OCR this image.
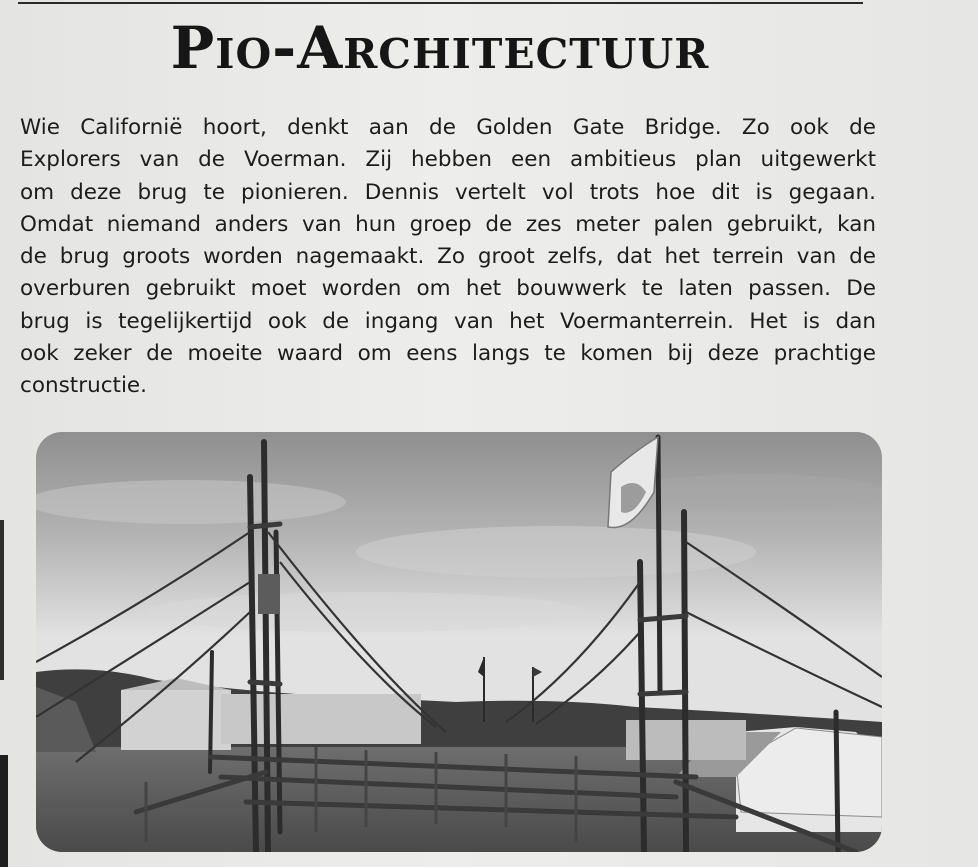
Pio-Architectuur
Wie Californië hoort, denkt aan de Golden Gate Bridge. Zo ook de
Explorers van de Voerman. Zij hebben een ambitieus plan uitgewerkt
om deze brug te pionieren. Dennis vertelt vol trots hoe dit is gegaan.
Omdat niemand anders van hun groep de zes meter palen gebruikt, kan
de brug groots worden nagemaakt. Zo groot zelfs, dat het terrein van de
overburen gebruikt moet worden om het bouwwerk te laten passen. De
brug is tegelijkertijd ook de ingang van het Voermanterrein. Het is dan
ook zeker de moeite waard om eens langs te komen bij deze prachtige
constructie.
